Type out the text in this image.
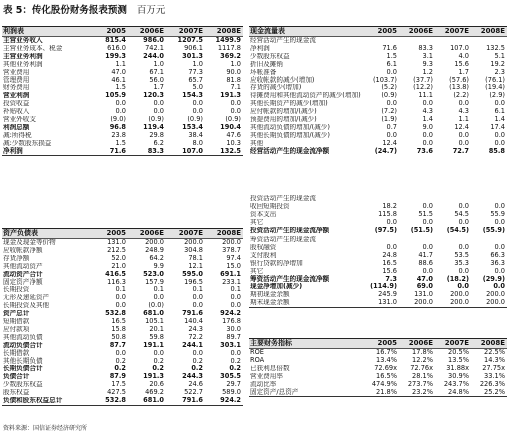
表 5：传化股份财务报表预测 百万元
利润表	2005	2006E	2007E	2008E
主营业务收入	815.4	986.0	1207.5	1499.9
主营业务成本、税金	616.0	742.1	906.1	1117.8
主营业务利润	199.3	244.0	301.3	369.2
其他业务利润	1.1	1.0	1.0	1.0
营业费用	47.0	67.1	77.3	90.0
管理费用	46.1	56.0	65.7	81.8
财务费用	1.5	1.7	5.0	7.1
营业利润	105.9	120.3	154.3	191.3
投资收益	0.0	0.0	0.0	0.0
补贴收入	0.0	0.0	0.0	0.0
营业外收支	(9.0)	(0.9)	(0.9)	(0.9)
利润总额	96.8	119.4	153.4	190.4
减:所得税	23.8	29.8	38.4	47.6
减:少数股东损益	1.5	6.2	8.0	10.3
净利润	71.6	83.3	107.0	132.5
资产负债表	2005	2006E	2007E	2008E
现金及现金等价物	131.0	200.0	200.0	200.0
应收帐款净额	212.5	248.9	304.8	378.7
存货净额	52.0	64.2	78.1	97.4
其他流动资产	21.0	9.9	12.1	15.0
流动资产合计	416.5	523.0	595.0	691.1
固定资产净额	116.3	157.9	196.5	233.1
长期投资	0.1	0.1	0.1	0.1
无形及递延资产	0.0	0.0	0.0	0.0
长期投资及其他	0.0	(0.0)	0.0	0.0
资产总计	532.8	681.0	791.6	924.2
短期借款	16.5	105.1	140.4	176.8
应付款项	15.8	20.1	24.3	30.0
其他流动负债	50.8	59.8	72.2	89.7
流动负债合计	87.7	191.1	244.1	303.1
长期借款	0.0	0.0	0.0	0.0
其他长期负债	0.2	0.2	0.2	0.2
长期负债合计	0.2	0.2	0.2	0.2
负债合计	87.9	191.3	244.3	305.5
少数股东权益	17.5	20.6	24.6	29.7
股东权益	427.5	469.2	522.7	589.0
负债和股东权益总计	532.8	681.0	791.6	924.2
现金流量表	2005	2006E	2007E	2008E
经营活动产生的现金流				
净利润	71.6	83.3	107.0	132.5
少数股东权益	1.5	3.1	4.0	5.1
折旧及摊销	6.1	9.3	15.6	19.2
坏帐准备	0.0	1.2	1.7	2.3
应收帐款的减少(增加)	(103.7)	(37.7)	(57.6)	(76.1)
存货的减少(增加)	(5.2)	(12.2)	(13.8)	(19.4)
待摊费用和其他流动资产的减少(增加)	(0.9)	11.1	(2.2)	(2.9)
其他长期资产的减少(增加)	0.0	0.0	0.0	0.0
应付帐款的增加/(减少)	(7.2)	4.3	4.3	6.1
预提费用的增加/(减少)	(1.9)	1.4	1.1	1.4
其他流动负债的增加/(减少)	0.7	9.0	12.4	17.4
其他长期负债的增加/(减少)	0.0	0.0	0.0	0.0
其他	12.4	0.0	0.0	0.0
经营活动产生的现金流净额	(24.7)	73.6	72.7	85.8
投资活动产生的现金流				
收回短期投资	18.2	0.0	0.0	0.0
资本支出	115.8	51.5	54.5	55.9
其它	0.0	0.0	0.0	0.0
投资活动产生的现金流净额	(97.5)	(51.5)	(54.5)	(55.9)
筹资活动产生的现金流				
股权融资	0.0	0.0	0.0	0.0
支付股利	24.8	41.7	53.5	66.3
银行贷款的净增加	16.5	88.6	35.3	36.3
其它	15.6	0.0	0.0	0.0
筹资活动产生的现金流净额	7.3	47.0	(18.2)	(29.9)
现金净增加(减少)	(114.9)	69.0	0.0	0.0
期初现金余额	245.9	131.0	200.0	200.0
期末现金余额	131.0	200.0	200.0	200.0
主要财务指标	2005	2006E	2007E	2008E
ROE	16.7%	17.8%	20.5%	22.5%
ROA	13.4%	12.2%	13.5%	14.3%
已获利息倍数	72.69x	72.76x	31.88x	27.75x
营业费用率	16.5%	28.1%	30.9%	33.1%
流动比率	474.9%	273.7%	243.7%	226.3%
固定资产/总资产	21.8%	23.2%	24.8%	25.2%
资料来源：国信证券经济研究所
